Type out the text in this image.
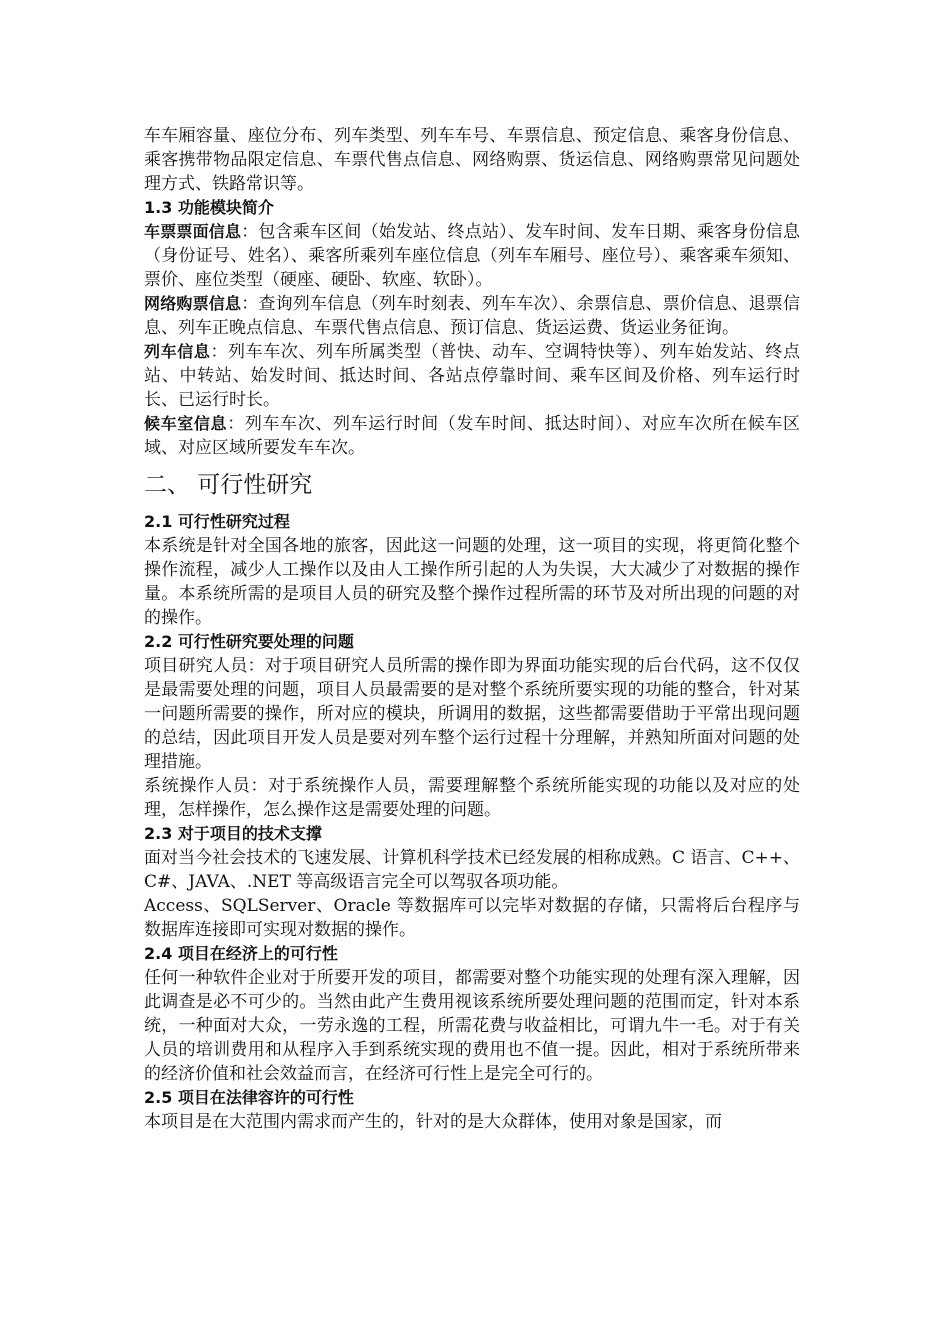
车车厢容量、座位分布、列车类型、列车车号、车票信息、预定信息、乘客身份信息、乘客携带物品限定信息、车票代售点信息、网络购票、货运信息、网络购票常见问题处理方式、铁路常识等。

1.3 功能模块简介

车票票面信息：包含乘车区间（始发站、终点站）、发车时间、发车日期、乘客身份信息（身份证号、姓名）、乘客所乘列车座位信息（列车车厢号、座位号）、乘客乘车须知、票价、座位类型（硬座、硬卧、软座、软卧）。

网络购票信息：查询列车信息（列车时刻表、列车车次）、余票信息、票价信息、退票信息、列车正晚点信息、车票代售点信息、预订信息、货运运费、货运业务征询。

列车信息：列车车次、列车所属类型（普快、动车、空调特快等）、列车始发站、终点站、中转站、始发时间、抵达时间、各站点停靠时间、乘车区间及价格、列车运行时长、已运行时长。

候车室信息：列车车次、列车运行时间（发车时间、抵达时间）、对应车次所在候车区域、对应区域所要发车车次。

二、 可行性研究
2.1 可行性研究过程

本系统是针对全国各地的旅客，因此这一问题的处理，这一项目的实现，将更简化整个操作流程，减少人工操作以及由人工操作所引起的人为失误，大大减少了对数据的操作量。本系统所需的是项目人员的研究及整个操作过程所需的环节及对所出现的问题的对的操作。

2.2 可行性研究要处理的问题

项目研究人员：对于项目研究人员所需的操作即为界面功能实现的后台代码，这不仅仅是最需要处理的问题，项目人员最需要的是对整个系统所要实现的功能的整合，针对某一问题所需要的操作，所对应的模块，所调用的数据，这些都需要借助于平常出现问题的总结，因此项目开发人员是要对列车整个运行过程十分理解，并熟知所面对问题的处理措施。

系统操作人员：对于系统操作人员，需要理解整个系统所能实现的功能以及对应的处理，怎样操作，怎么操作这是需要处理的问题。

2.3 对于项目的技术支撑

面对当今社会技术的飞速发展、计算机科学技术已经发展的相称成熟。C 语言、C++、C#、JAVA、.NET 等高级语言完全可以驾驭各项功能。

Access、SQLServer、Oracle 等数据库可以完毕对数据的存储，只需将后台程序与数据库连接即可实现对数据的操作。

2.4 项目在经济上的可行性

任何一种软件企业对于所要开发的项目，都需要对整个功能实现的处理有深入理解，因此调查是必不可少的。当然由此产生费用视该系统所要处理问题的范围而定，针对本系统，一种面对大众，一劳永逸的工程，所需花费与收益相比，可谓九牛一毛。对于有关人员的培训费用和从程序入手到系统实现的费用也不值一提。因此，相对于系统所带来的经济价值和社会效益而言，在经济可行性上是完全可行的。

2.5 项目在法律容许的可行性

本项目是在大范围内需求而产生的，针对的是大众群体，使用对象是国家，而
